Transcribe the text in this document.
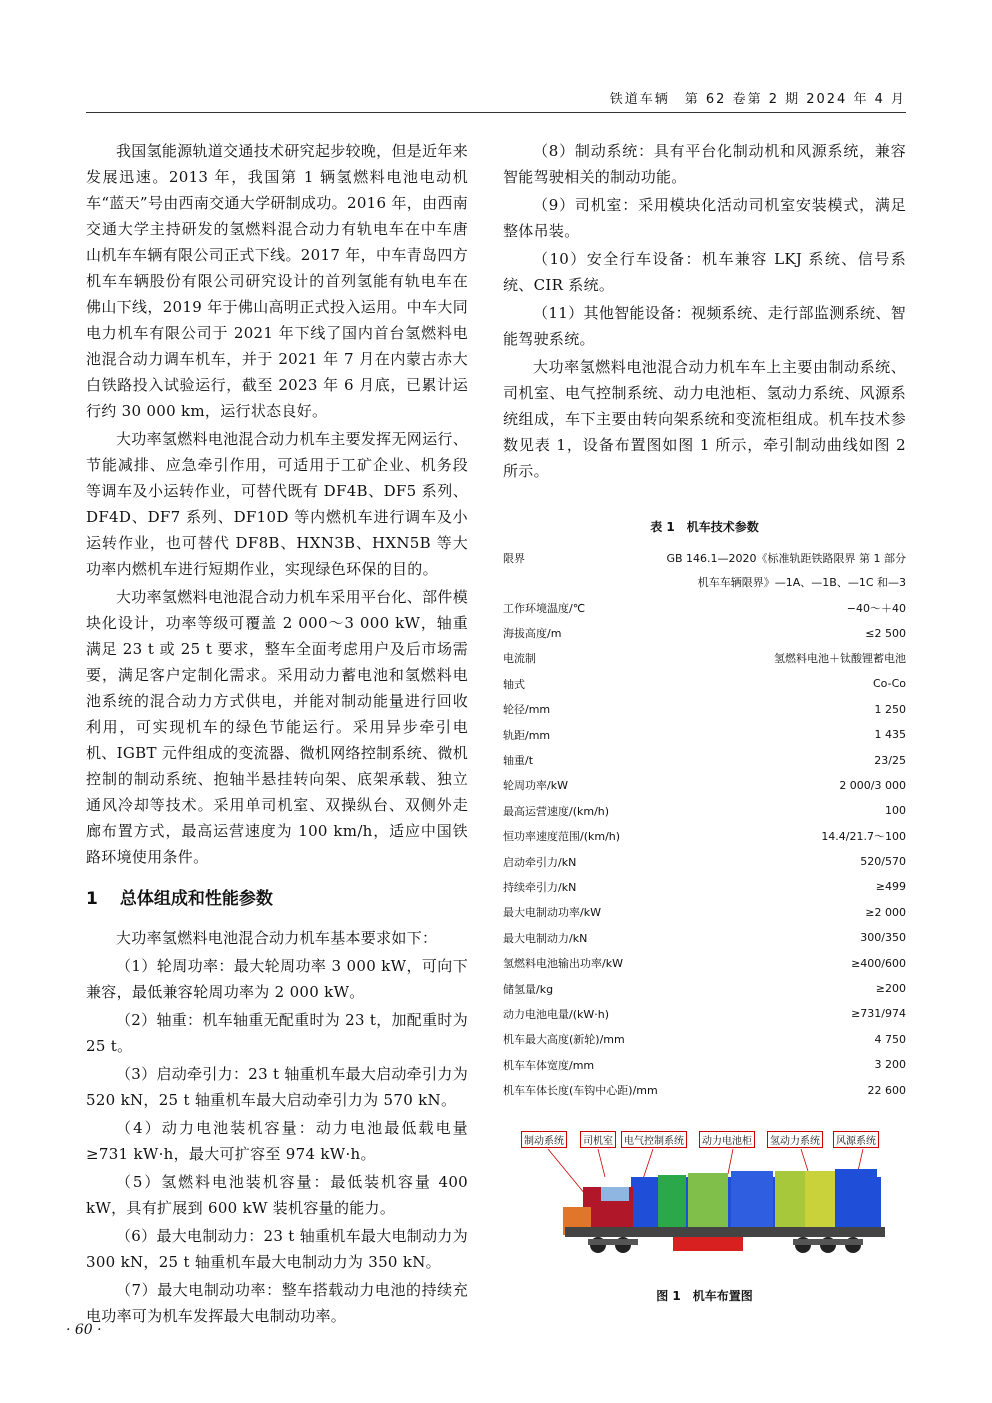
铁道车辆　第 62 卷第 2 期 2024 年 4 月

我国氢能源轨道交通技术研究起步较晚，但是近年来发展迅速。2013 年，我国第 1 辆氢燃料电池电动机车“蓝天”号由西南交通大学研制成功。2016 年，由西南交通大学主持研发的氢燃料混合动力有轨电车在中车唐山机车车辆有限公司正式下线。2017 年，中车青岛四方机车车辆股份有限公司研究设计的首列氢能有轨电车在佛山下线，2019 年于佛山高明正式投入运用。中车大同电力机车有限公司于 2021 年下线了国内首台氢燃料电池混合动力调车机车，并于 2021 年 7 月在内蒙古赤大白铁路投入试验运行，截至 2023 年 6 月底，已累计运行约 30 000 km，运行状态良好。

大功率氢燃料电池混合动力机车主要发挥无网运行、节能减排、应急牵引作用，可适用于工矿企业、机务段等调车及小运转作业，可替代既有 DF4B、DF5 系列、DF4D、DF7 系列、DF10D 等内燃机车进行调车及小运转作业，也可替代 DF8B、HXN3B、HXN5B 等大功率内燃机车进行短期作业，实现绿色环保的目的。

大功率氢燃料电池混合动力机车采用平台化、部件模块化设计，功率等级可覆盖 2 000～3 000 kW，轴重满足 23 t 或 25 t 要求，整车全面考虑用户及后市场需要，满足客户定制化需求。采用动力蓄电池和氢燃料电池系统的混合动力方式供电，并能对制动能量进行回收利用，可实现机车的绿色节能运行。采用异步牵引电机、IGBT 元件组成的变流器、微机网络控制系统、微机控制的制动系统、抱轴半悬挂转向架、底架承载、独立通风冷却等技术。采用单司机室、双操纵台、双侧外走廊布置方式，最高运营速度为 100 km/h，适应中国铁路环境使用条件。

1 总体组成和性能参数

大功率氢燃料电池混合动力机车基本要求如下：

（1）轮周功率：最大轮周功率 3 000 kW，可向下兼容，最低兼容轮周功率为 2 000 kW。

（2）轴重：机车轴重无配重时为 23 t，加配重时为 25 t。

（3）启动牵引力：23 t 轴重机车最大启动牵引力为 520 kN，25 t 轴重机车最大启动牵引力为 570 kN。

（4）动力电池装机容量：动力电池最低载电量≥731 kW·h，最大可扩容至 974 kW·h。

（5）氢燃料电池装机容量：最低装机容量 400 kW，具有扩展到 600 kW 装机容量的能力。

（6）最大电制动力：23 t 轴重机车最大电制动力为 300 kN，25 t 轴重机车最大电制动力为 350 kN。

（7）最大电制动功率：整车搭载动力电池的持续充电功率可为机车发挥最大电制动功率。

（8）制动系统：具有平台化制动机和风源系统，兼容智能驾驶相关的制动功能。

（9）司机室：采用模块化活动司机室安装模式，满足整体吊装。

（10）安全行车设备：机车兼容 LKJ 系统、信号系统、CIR 系统。

（11）其他智能设备：视频系统、走行部监测系统、智能驾驶系统。

大功率氢燃料电池混合动力机车车上主要由制动系统、司机室、电气控制系统、动力电池柜、氢动力系统、风源系统组成，车下主要由转向架系统和变流柜组成。机车技术参数见表 1，设备布置图如图 1 所示，牵引制动曲线如图 2 所示。

表 1　机车技术参数
限界	GB 146.1—2020《标准轨距铁路限界 第 1 部分 机车车辆限界》—1A、—1B、—1C 和—3
工作环境温度/℃	−40～＋40
海拔高度/m	≤2 500
电流制	氢燃料电池＋钛酸锂蓄电池
轴式	Co-Co
轮径/mm	1 250
轨距/mm	1 435
轴重/t	23/25
轮周功率/kW	2 000/3 000
最高运营速度/(km/h)	100
恒功率速度范围/(km/h)	14.4/21.7～100
启动牵引力/kN	520/570
持续牵引力/kN	≥499
最大电制动功率/kW	≥2 000
最大电制动力/kN	300/350
氢燃料电池输出功率/kW	≥400/600
储氢量/kg	≥200
动力电池电量/(kW·h)	≥731/974
机车最大高度(新轮)/mm	4 750
机车车体宽度/mm	3 200
机车车体长度(车钩中心距)/mm	22 600
制动系统	司机室	电气控制系统	动力电池柜	氢动力系统	风源系统
图 1　机车布置图
· 60 ·
